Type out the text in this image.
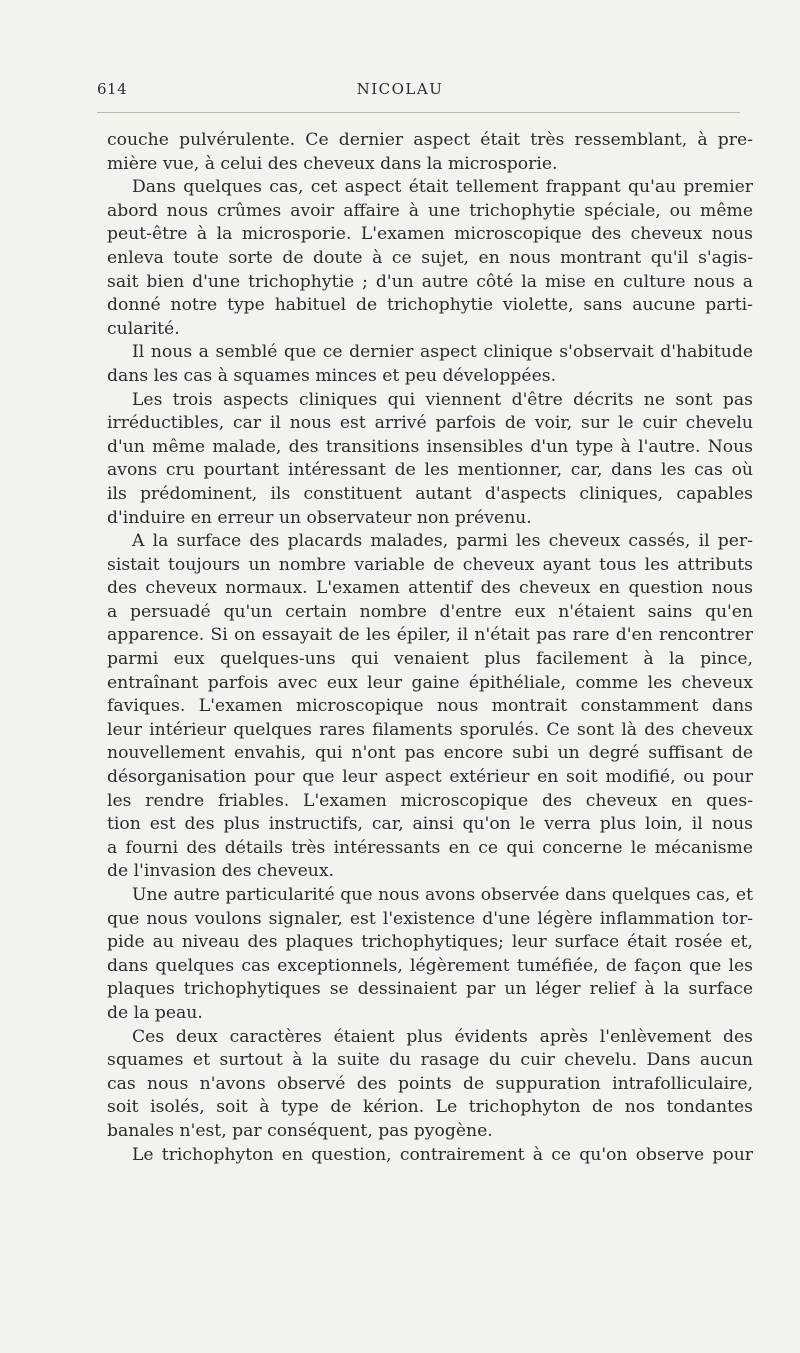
614	NICOLAU
couche pulvérulente. Ce dernier aspect était très ressemblant, à pre-
mière vue, à celui des cheveux dans la microsporie.
Dans quelques cas, cet aspect était tellement frappant qu'au premier
abord nous crûmes avoir affaire à une trichophytie spéciale, ou même
peut-être à la microsporie. L'examen microscopique des cheveux nous
enleva toute sorte de doute à ce sujet, en nous montrant qu'il s'agis-
sait bien d'une trichophytie ; d'un autre côté la mise en culture nous a
donné notre type habituel de trichophytie violette, sans aucune parti-
cularité.
Il nous a semblé que ce dernier aspect clinique s'observait d'habitude
dans les cas à squames minces et peu développées.
Les trois aspects cliniques qui viennent d'être décrits ne sont pas
irréductibles, car il nous est arrivé parfois de voir, sur le cuir chevelu
d'un même malade, des transitions insensibles d'un type à l'autre. Nous
avons cru pourtant intéressant de les mentionner, car, dans les cas où
ils prédominent, ils constituent autant d'aspects cliniques, capables
d'induire en erreur un observateur non prévenu.
A la surface des placards malades, parmi les cheveux cassés, il per-
sistait toujours un nombre variable de cheveux ayant tous les attributs
des cheveux normaux. L'examen attentif des cheveux en question nous
a persuadé qu'un certain nombre d'entre eux n'étaient sains qu'en
apparence. Si on essayait de les épiler, il n'était pas rare d'en rencontrer
parmi eux quelques-uns qui venaient plus facilement à la pince,
entraînant parfois avec eux leur gaine épithéliale, comme les cheveux
faviques. L'examen microscopique nous montrait constamment dans
leur intérieur quelques rares filaments sporulés. Ce sont là des cheveux
nouvellement envahis, qui n'ont pas encore subi un degré suffisant de
désorganisation pour que leur aspect extérieur en soit modifié, ou pour
les rendre friables. L'examen microscopique des cheveux en ques-
tion est des plus instructifs, car, ainsi qu'on le verra plus loin, il nous
a fourni des détails très intéressants en ce qui concerne le mécanisme
de l'invasion des cheveux.
Une autre particularité que nous avons observée dans quelques cas, et
que nous voulons signaler, est l'existence d'une légère inflammation tor-
pide au niveau des plaques trichophytiques; leur surface était rosée et,
dans quelques cas exceptionnels, légèrement tuméfiée, de façon que les
plaques trichophytiques se dessinaient par un léger relief à la surface
de la peau.
Ces deux caractères étaient plus évidents après l'enlèvement des
squames et surtout à la suite du rasage du cuir chevelu. Dans aucun
cas nous n'avons observé des points de suppuration intrafolliculaire,
soit isolés, soit à type de kérion. Le trichophyton de nos tondantes
banales n'est, par conséquent, pas pyogène.
Le trichophyton en question, contrairement à ce qu'on observe pour
